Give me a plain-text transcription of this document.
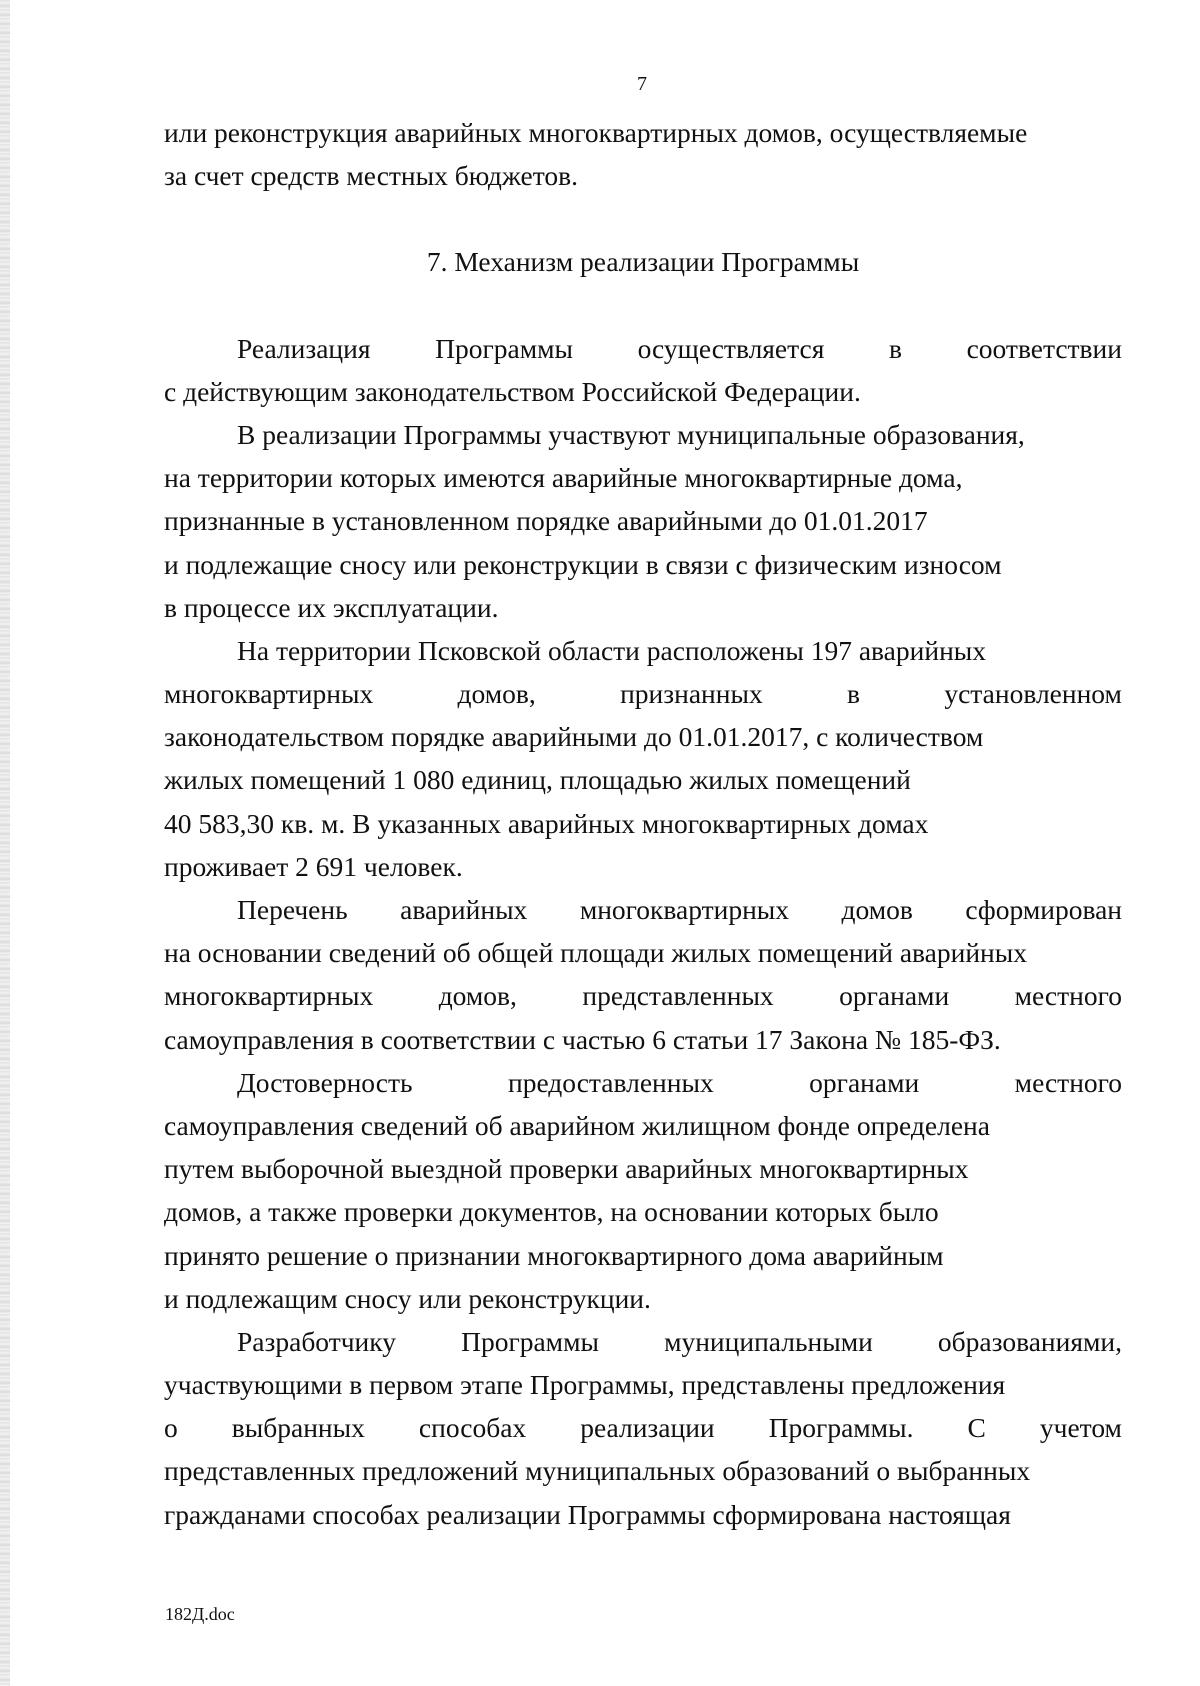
7
или реконструкция аварийных многоквартирных домов, осуществляемые
за счет средств местных бюджетов.
7. Механизм реализации Программы
Реализация Программы осуществляется в соответствии
с действующим законодательством Российской Федерации.
В реализации Программы участвуют муниципальные образования,
на территории которых имеются аварийные многоквартирные дома,
признанные в установленном порядке аварийными до 01.01.2017
и подлежащие сносу или реконструкции в связи с физическим износом
в процессе их эксплуатации.
На территории Псковской области расположены 197 аварийных
многоквартирных	домов,	признанных	в	установленном
законодательством порядке аварийными до 01.01.2017, с количеством
жилых помещений 1 080 единиц, площадью жилых помещений
40 583,30 кв. м. В указанных аварийных многоквартирных домах
проживает 2 691 человек.
Перечень аварийных многоквартирных домов сформирован
на основании сведений об общей площади жилых помещений аварийных
многоквартирных домов, представленных органами местного
самоуправления в соответствии с частью 6 статьи 17 Закона № 185-ФЗ.
Достоверность	предоставленных	органами	местного
самоуправления сведений об аварийном жилищном фонде определена
путем выборочной выездной проверки аварийных многоквартирных
домов, а также проверки документов, на основании которых было
принято решение о признании многоквартирного дома аварийным
и подлежащим сносу или реконструкции.
Разработчику Программы муниципальными образованиями,
участвующими в первом этапе Программы, представлены предложения
о выбранных способах реализации Программы. С учетом
представленных предложений муниципальных образований о выбранных
гражданами способах реализации Программы сформирована настоящая
182Д.doc
